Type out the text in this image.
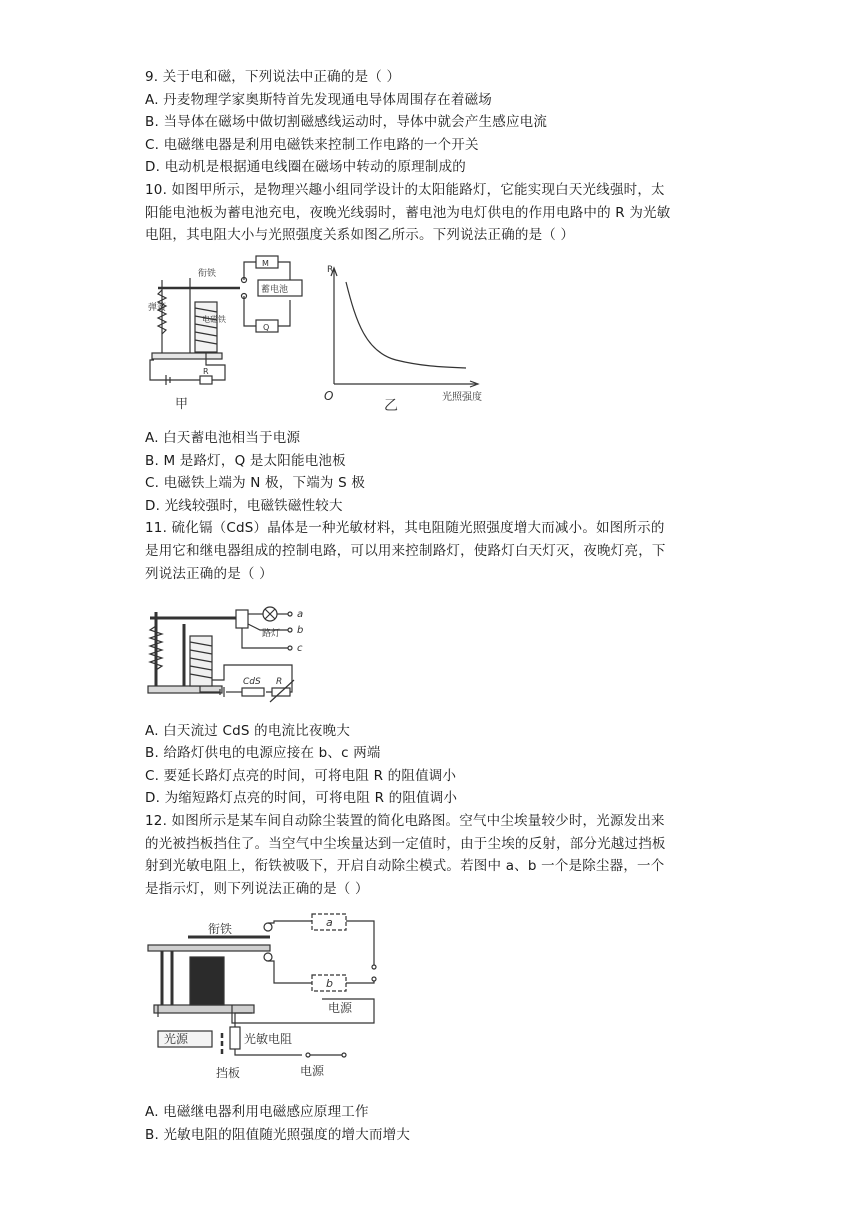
9. 关于电和磁，下列说法中正确的是（ ）
A. 丹麦物理学家奥斯特首先发现通电导体周围存在着磁场
B. 当导体在磁场中做切割磁感线运动时，导体中就会产生感应电流
C. 电磁继电器是利用电磁铁来控制工作电路的一个开关
D. 电动机是根据通电线圈在磁场中转动的原理制成的
10. 如图甲所示，是物理兴趣小组同学设计的太阳能路灯，它能实现白天光线强时，太
阳能电池板为蓄电池充电，夜晚光线弱时，蓄电池为电灯供电的作用电路中的 R 为光敏
电阻，其电阻大小与光照强度关系如图乙所示。下列说法正确的是（ ）
衔铁
弹簧
电磁铁
蓄电池
M
Q
R
甲
R
O
乙
光照强度
A. 白天蓄电池相当于电源
B. M 是路灯，Q 是太阳能电池板
C. 电磁铁上端为 N 极，下端为 S 极
D. 光线较强时，电磁铁磁性较大
11. 硫化镉（CdS）晶体是一种光敏材料，其电阻随光照强度增大而减小。如图所示的
是用它和继电器组成的控制电路，可以用来控制路灯，使路灯白天灯灭，夜晚灯亮，下
列说法正确的是（ ）
路灯
a
b
c
CdS R
A. 白天流过 CdS 的电流比夜晚大
B. 给路灯供电的电源应接在 b、c 两端
C. 要延长路灯点亮的时间，可将电阻 R 的阻值调小
D. 为缩短路灯点亮的时间，可将电阻 R 的阻值调小
12. 如图所示是某车间自动除尘装置的简化电路图。空气中尘埃量较少时，光源发出来
的光被挡板挡住了。当空气中尘埃量达到一定值时，由于尘埃的反射，部分光越过挡板
射到光敏电阻上，衔铁被吸下，开启自动除尘模式。若图中 a、b 一个是除尘器，一个
是指示灯，则下列说法正确的是（ ）
衔铁	a
b
电源
光源	光敏电阻
电源
挡板
A. 电磁继电器利用电磁感应原理工作
B. 光敏电阻的阻值随光照强度的增大而增大
